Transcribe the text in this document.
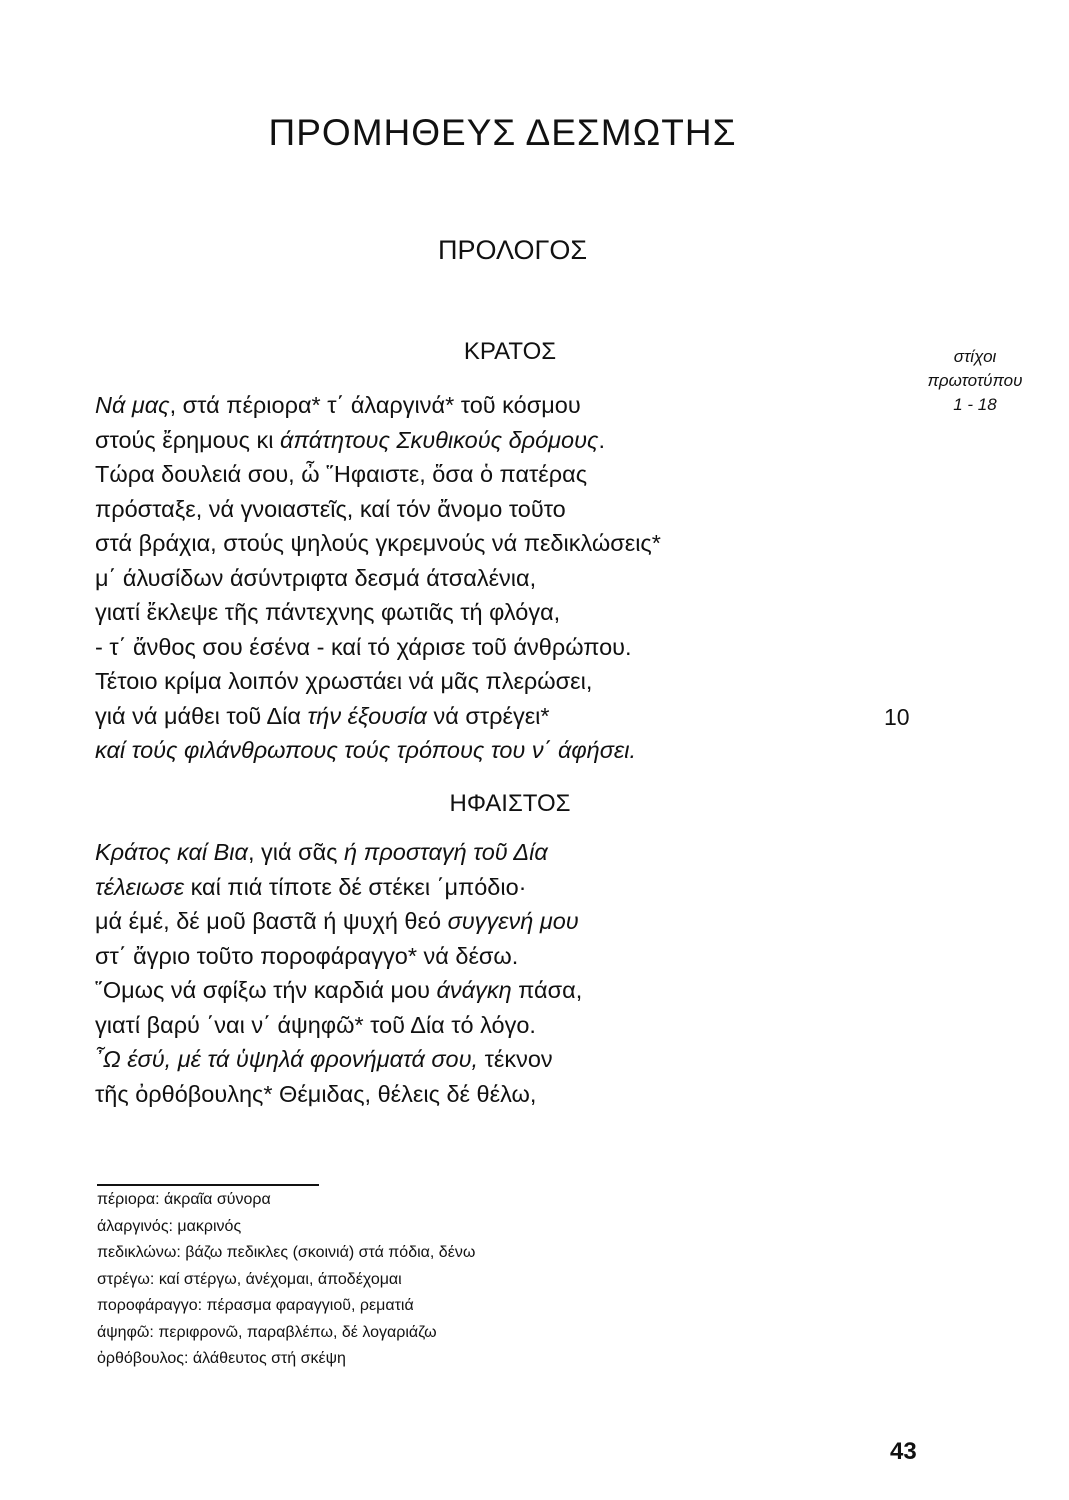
ΠΡΟΜΗΘΕΥΣ ΔΕΣΜΩΤΗΣ
ΠΡΟΛΟΓΟΣ
ΚΡΑΤΟΣ	στίχοι
πρωτοτύπου
1 - 18
Νά μας, στά πέριορα* τ΄ άλαργινά* τοῦ κόσμου
στούς ἔρημους κι άπάτητους Σκυθικούς δρόμους.
Τώρα δουλειά σου, ὦ ῞Ηφαιστε, ὅσα ὁ πατέρας
πρόσταξε, νά γνοιαστεῖς, καί τόν ἄνομο τοῦτο
στά βράχια, στούς ψηλούς γκρεμνούς νά πεδικλώσεις*
μ΄ άλυσίδων άσύντριφτα δεσμά άτσαλένια,
γιατί ἔκλεψε τῆς πάντεχνης φωτιᾶς τή φλόγα,
- τ΄ ἄνθος σου έσένα - καί τό χάρισε τοῦ άνθρώπου.
Τέτοιο κρίμα λοιπόν χρωστάει νά μᾶς πλερώσει,
γιά νά μάθει τοῦ Δία τήν έξουσία νά στρέγει*
καί τούς φιλάνθρωπους τούς τρόπους του ν΄ άφήσει.
10
ΗΦΑΙΣΤΟΣ
Κράτος καί Βια, γιά σᾶς ή προσταγή τοῦ Δία
τέλειωσε καί πιά τίποτε δέ στέκει ΄μπόδιο·
μά έμέ, δέ μοῦ βαστᾶ ή ψυχή θεό συγγενή μου
στ΄ ἄγριο τοῦτο ποροφάραγγο* νά δέσω.
῞Ομως νά σφίξω τήν καρδιά μου άνάγκη πάσα,
γιατί βαρύ ΄ναι ν΄ άψηφῶ* τοῦ Δία τό λόγο.
῏Ω έσύ, μέ τά ὑψηλά φρονήματά σου, τέκνον
τῆς ὀρθόβουλης* Θέμιδας, θέλεις δέ θέλω,
πέριορα: άκραῖα σύνορα
άλαργινός: μακρινός
πεδικλώνω: βάζω πεδικλες (σκοινιά) στά πόδια, δένω
στρέγω: καί στέργω, άνέχομαι, άποδέχομαι
ποροφάραγγο: πέρασμα φαραγγιοῦ, ρεματιά
άψηφῶ: περιφρονῶ, παραβλέπω, δέ λογαριάζω
ὀρθόβουλος: άλάθευτος στή σκέψη
43
